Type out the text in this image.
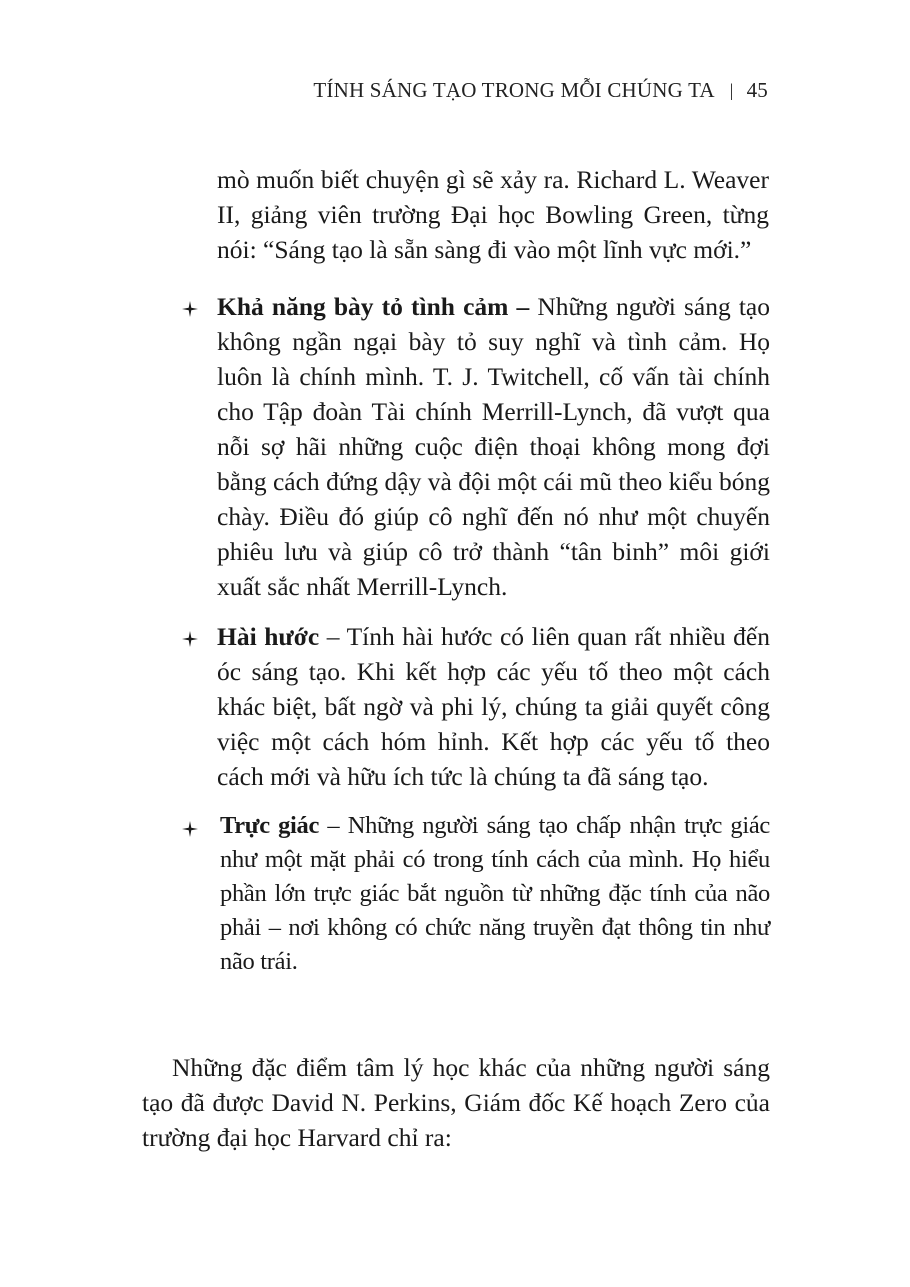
TÍNH SÁNG TẠO TRONG MỖI CHÚNG TA | 45

mò muốn biết chuyện gì sẽ xảy ra. Richard L. Weaver II, giảng viên trường Đại học Bowling Green, từng nói: “Sáng tạo là sẵn sàng đi vào một lĩnh vực mới.”

Khả năng bày tỏ tình cảm – Những người sáng tạo không ngần ngại bày tỏ suy nghĩ và tình cảm. Họ luôn là chính mình. T. J. Twitchell, cố vấn tài chính cho Tập đoàn Tài chính Merrill-Lynch, đã vượt qua nỗi sợ hãi những cuộc điện thoại không mong đợi bằng cách đứng dậy và đội một cái mũ theo kiểu bóng chày. Điều đó giúp cô nghĩ đến nó như một chuyến phiêu lưu và giúp cô trở thành “tân binh” môi giới xuất sắc nhất Merrill-Lynch.
Hài hước – Tính hài hước có liên quan rất nhiều đến óc sáng tạo. Khi kết hợp các yếu tố theo một cách khác biệt, bất ngờ và phi lý, chúng ta giải quyết công việc một cách hóm hỉnh. Kết hợp các yếu tố theo cách mới và hữu ích tức là chúng ta đã sáng tạo.
Trực giác – Những người sáng tạo chấp nhận trực giác như một mặt phải có trong tính cách của mình. Họ hiểu phần lớn trực giác bắt nguồn từ những đặc tính của não phải – nơi không có chức năng truyền đạt thông tin như não trái.

Những đặc điểm tâm lý học khác của những người sáng tạo đã được David N. Perkins, Giám đốc Kế hoạch Zero của trường đại học Harvard chỉ ra:
